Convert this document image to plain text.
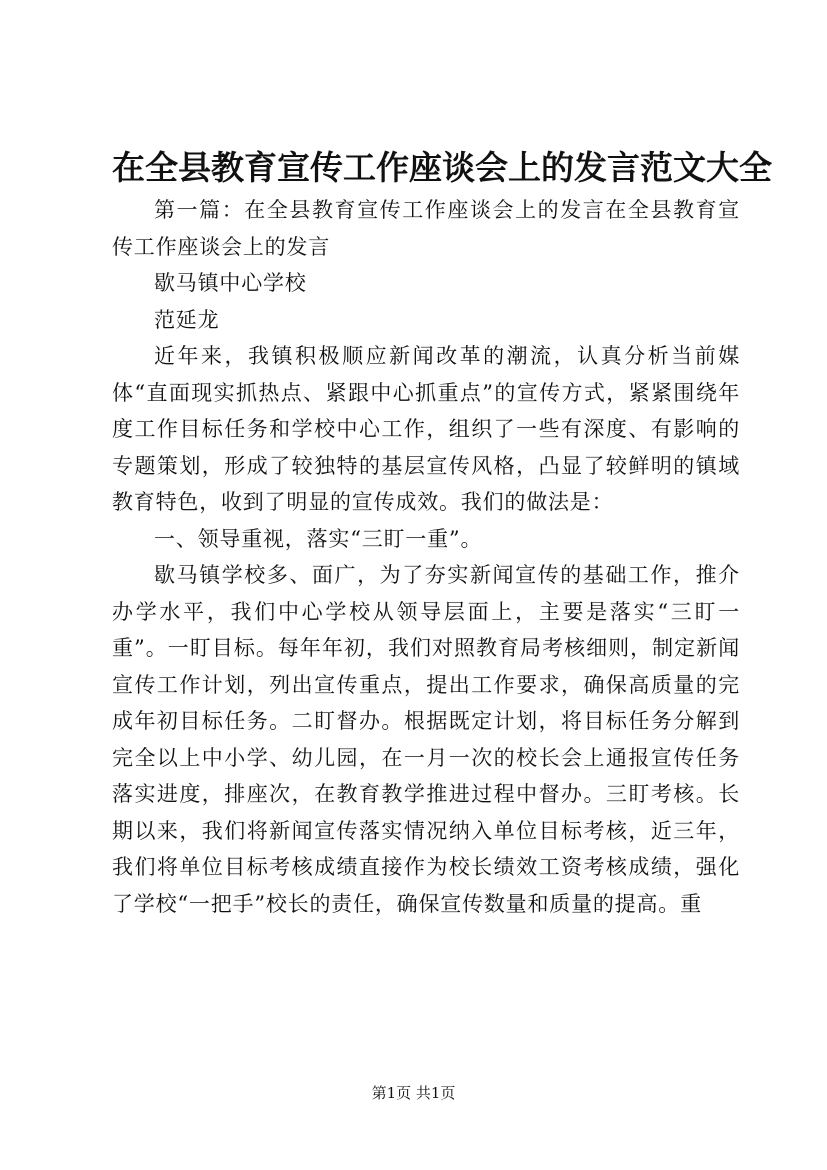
在全县教育宣传工作座谈会上的发言范文大全

第一篇：在全县教育宣传工作座谈会上的发言在全县教育宣传工作座谈会上的发言

歇马镇中心学校

范延龙

近年来，我镇积极顺应新闻改革的潮流，认真分析当前媒体“直面现实抓热点、紧跟中心抓重点”的宣传方式，紧紧围绕年度工作目标任务和学校中心工作，组织了一些有深度、有影响的专题策划，形成了较独特的基层宣传风格，凸显了较鲜明的镇域教育特色，收到了明显的宣传成效。我们的做法是：

一、领导重视，落实“三盯一重”。

歇马镇学校多、面广，为了夯实新闻宣传的基础工作，推介办学水平，我们中心学校从领导层面上，主要是落实“三盯一重”。一盯目标。每年年初，我们对照教育局考核细则，制定新闻宣传工作计划，列出宣传重点，提出工作要求，确保高质量的完成年初目标任务。二盯督办。根据既定计划，将目标任务分解到完全以上中小学、幼儿园，在一月一次的校长会上通报宣传任务落实进度，排座次，在教育教学推进过程中督办。三盯考核。长期以来，我们将新闻宣传落实情况纳入单位目标考核，近三年，我们将单位目标考核成绩直接作为校长绩效工资考核成绩，强化了学校“一把手”校长的责任，确保宣传数量和质量的提高。重

第1页 共1页
